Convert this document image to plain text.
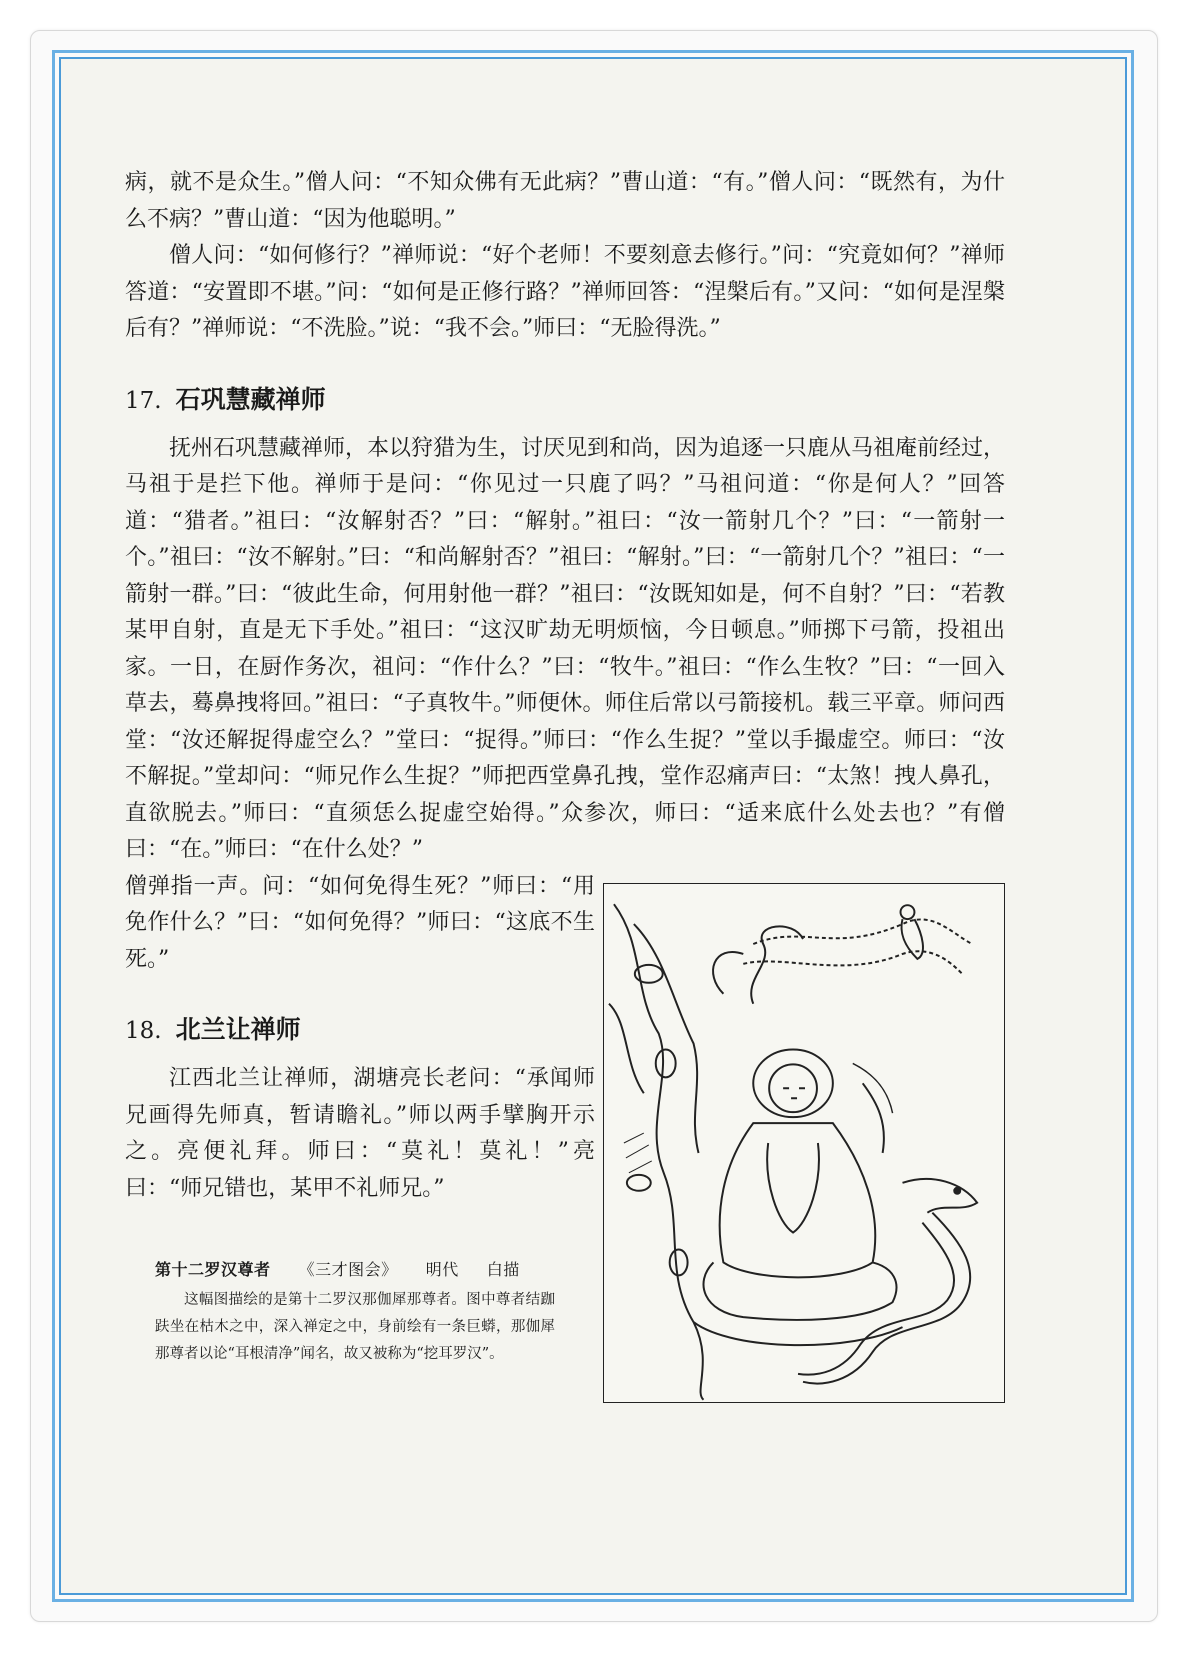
病，就不是众生。”僧人问：“不知众佛有无此病？”曹山道：“有。”僧人问：“既然有，为什么不病？”曹山道：“因为他聪明。”

僧人问：“如何修行？”禅师说：“好个老师！不要刻意去修行。”问：“究竟如何？”禅师答道：“安置即不堪。”问：“如何是正修行路？”禅师回答：“涅槃后有。”又问：“如何是涅槃后有？”禅师说：“不洗脸。”说：“我不会。”师曰：“无脸得洗。”

17. 石巩慧藏禅师

抚州石巩慧藏禅师，本以狩猎为生，讨厌见到和尚，因为追逐一只鹿从马祖庵前经过，马祖于是拦下他。禅师于是问：“你见过一只鹿了吗？”马祖问道：“你是何人？”回答道：“猎者。”祖曰：“汝解射否？”曰：“解射。”祖曰：“汝一箭射几个？”曰：“一箭射一个。”祖曰：“汝不解射。”曰：“和尚解射否？”祖曰：“解射。”曰：“一箭射几个？”祖曰：“一箭射一群。”曰：“彼此生命，何用射他一群？”祖曰：“汝既知如是，何不自射？”曰：“若教某甲自射，直是无下手处。”祖曰：“这汉旷劫无明烦恼，今日顿息。”师掷下弓箭，投祖出家。一日，在厨作务次，祖问：“作什么？”曰：“牧牛。”祖曰：“作么生牧？”曰：“一回入草去，蓦鼻拽将回。”祖曰：“子真牧牛。”师便休。师住后常以弓箭接机。载三平章。师问西堂：“汝还解捉得虚空么？”堂曰：“捉得。”师曰：“作么生捉？”堂以手撮虚空。师曰：“汝不解捉。”堂却问：“师兄作么生捉？”师把西堂鼻孔拽，堂作忍痛声曰：“太煞！拽人鼻孔，直欲脱去。”师曰：“直须恁么捉虚空始得。”众参次，师曰：“适来底什么处去也？”有僧曰：“在。”师曰：“在什么处？”

僧弹指一声。问：“如何免得生死？”师曰：“用免作什么？”曰：“如何免得？”师曰：“这底不生死。”

18. 北兰让禅师

江西北兰让禅师，湖塘亮长老问：“承闻师兄画得先师真，暂请瞻礼。”师以两手擘胸开示之。亮便礼拜。师曰：“莫礼！莫礼！”亮曰：“师兄错也，某甲不礼师兄。”

第十二罗汉尊者 《三才图会》 明代 白描

这幅图描绘的是第十二罗汉那伽犀那尊者。图中尊者结跏趺坐在枯木之中，深入禅定之中，身前绘有一条巨蟒，那伽犀那尊者以论“耳根清净”闻名，故又被称为“挖耳罗汉”。
